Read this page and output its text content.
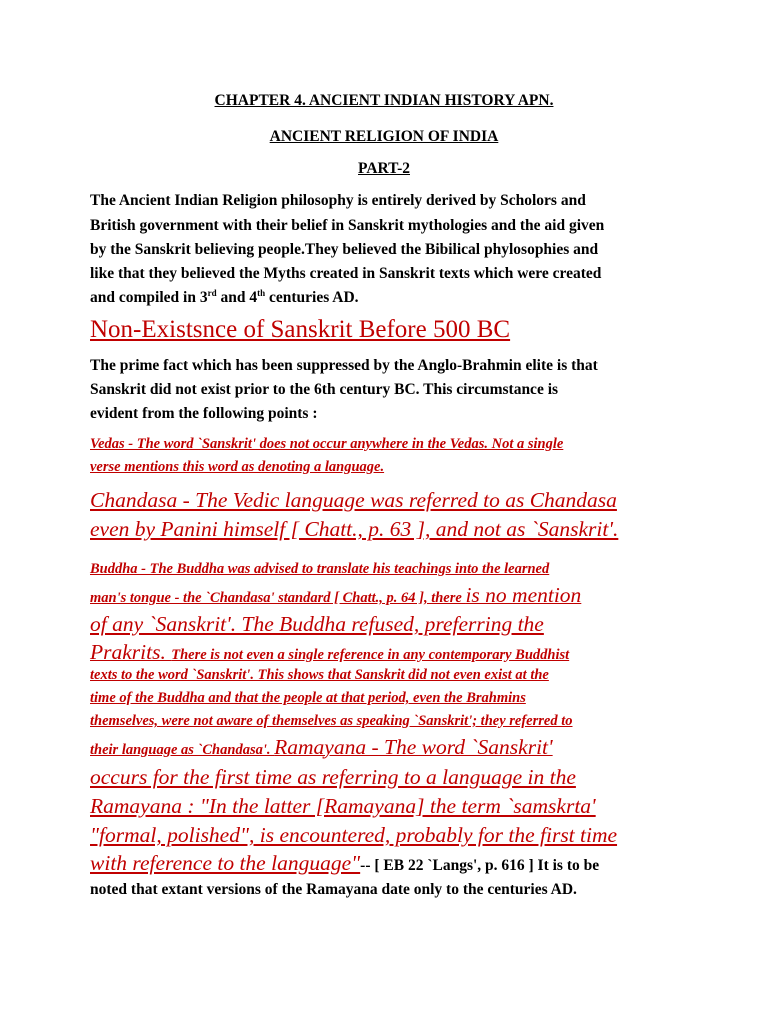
CHAPTER 4. ANCIENT INDIAN HISTORY APN.

ANCIENT RELIGION OF INDIA

PART-2

The Ancient Indian Religion philosophy is entirely derived by Scholors and

British government with their belief in Sanskrit mythologies and the aid given

by the Sanskrit believing people.They believed the Bibilical phylosophies and

like that they believed the Myths created in Sanskrit texts which were created

and compiled in 3rd and 4th centuries AD.

Non-Existsnce of Sanskrit Before 500 BC

The prime fact which has been suppressed by the Anglo-Brahmin elite is that

Sanskrit did not exist prior to the 6th century BC. This circumstance is

evident from the following points :

Vedas - The word `Sanskrit' does not occur anywhere in the Vedas. Not a single

verse mentions this word as denoting a language.

Chandasa - The Vedic language was referred to as Chandasa

even by Panini himself [ Chatt., p. 63 ], and not as `Sanskrit'.

Buddha - The Buddha was advised to translate his teachings into the learned

man's tongue - the `Chandasa' standard [ Chatt., p. 64 ], there is no mention

of any `Sanskrit'. The Buddha refused, preferring the

Prakrits. There is not even a single reference in any contemporary Buddhist

texts to the word `Sanskrit'. This shows that Sanskrit did not even exist at the

time of the Buddha and that the people at that period, even the Brahmins

themselves, were not aware of themselves as speaking `Sanskrit'; they referred to

their language as `Chandasa'. Ramayana - The word `Sanskrit'

occurs for the first time as referring to a language in the

Ramayana : "In the latter [Ramayana] the term `samskrta'

"formal, polished", is encountered, probably for the first time

with reference to the language"-- [ EB 22 `Langs', p. 616 ] It is to be

noted that extant versions of the Ramayana date only to the centuries AD.
